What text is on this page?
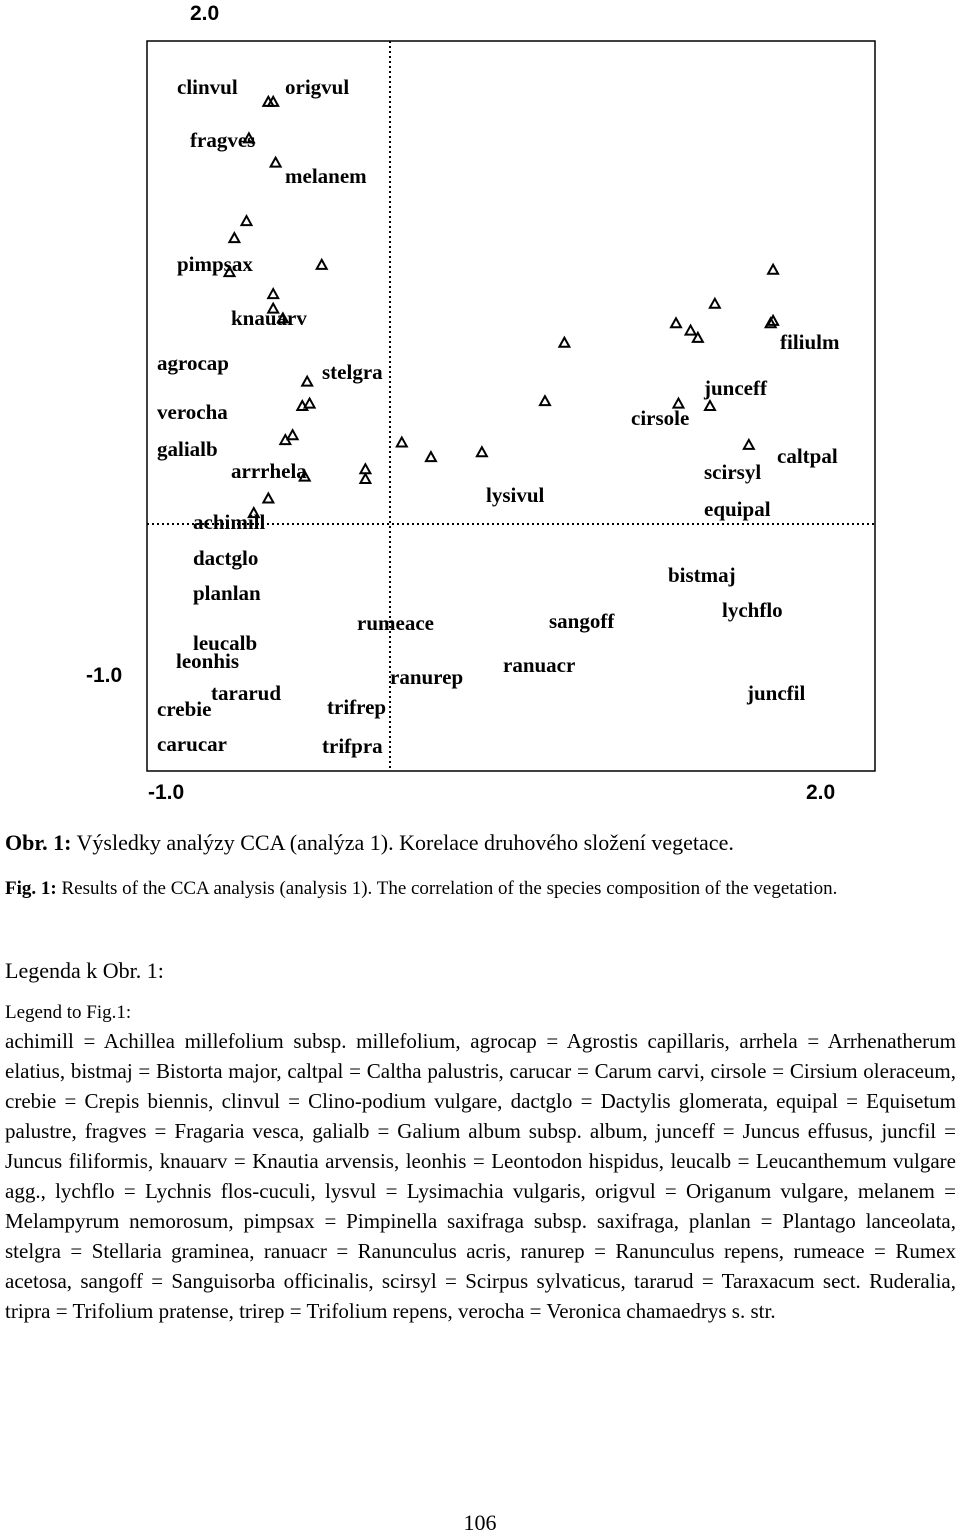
2.0
-1.0
-1.0	2.0
clinvul origvul
fragves
melanem
pimpsax
knauarv
agrocap	stelgra
verocha
galialb
arrrhela
achimill
dactglo
planlan
leucalb
leonhis
rumeace
ranurep ranuacr
sangoff
lysivul
tararud
crebie	trifrep
carucar	trifpra
bistmaj
lychflo
juncfil
filiulm
junceff
cirsole
caltpal
scirsyl
equipal

Obr. 1: Výsledky analýzy CCA (analýza 1). Korelace druhového složení vegetace.

Fig. 1: Results of the CCA analysis (analysis 1). The correlation of the species composition of the vegetation.

Legenda k Obr. 1:

Legend to Fig.1:

achimill = Achillea millefolium subsp. millefolium, agrocap = Agrostis capillaris, arrhela = Arrhenatherum elatius, bistmaj = Bistorta major, caltpal = Caltha palustris, carucar = Carum carvi, cirsole = Cirsium oleraceum, crebie = Crepis biennis, clinvul = Clino-podium vulgare, dactglo = Dactylis glomerata, equipal = Equisetum palustre, fragves = Fragaria vesca, galialb = Galium album subsp. album, junceff = Juncus effusus, juncfil = Juncus filiformis, knauarv = Knautia arvensis, leonhis = Leontodon hispidus, leucalb = Leucanthemum vulgare agg., lychflo = Lychnis flos-cuculi, lysvul = Lysimachia vulgaris, origvul = Origanum vulgare, melanem = Melampyrum nemorosum, pimpsax = Pimpinella saxifraga subsp. saxifraga, planlan = Plantago lanceolata, stelgra = Stellaria graminea, ranuacr = Ranunculus acris, ranurep = Ranunculus repens, rumeace = Rumex acetosa, sangoff = Sanguisorba officinalis, scirsyl = Scirpus sylvaticus, tararud = Taraxacum sect. Ruderalia, tripra = Trifolium pratense, trirep = Trifolium repens, verocha = Veronica chamaedrys s. str.

106
